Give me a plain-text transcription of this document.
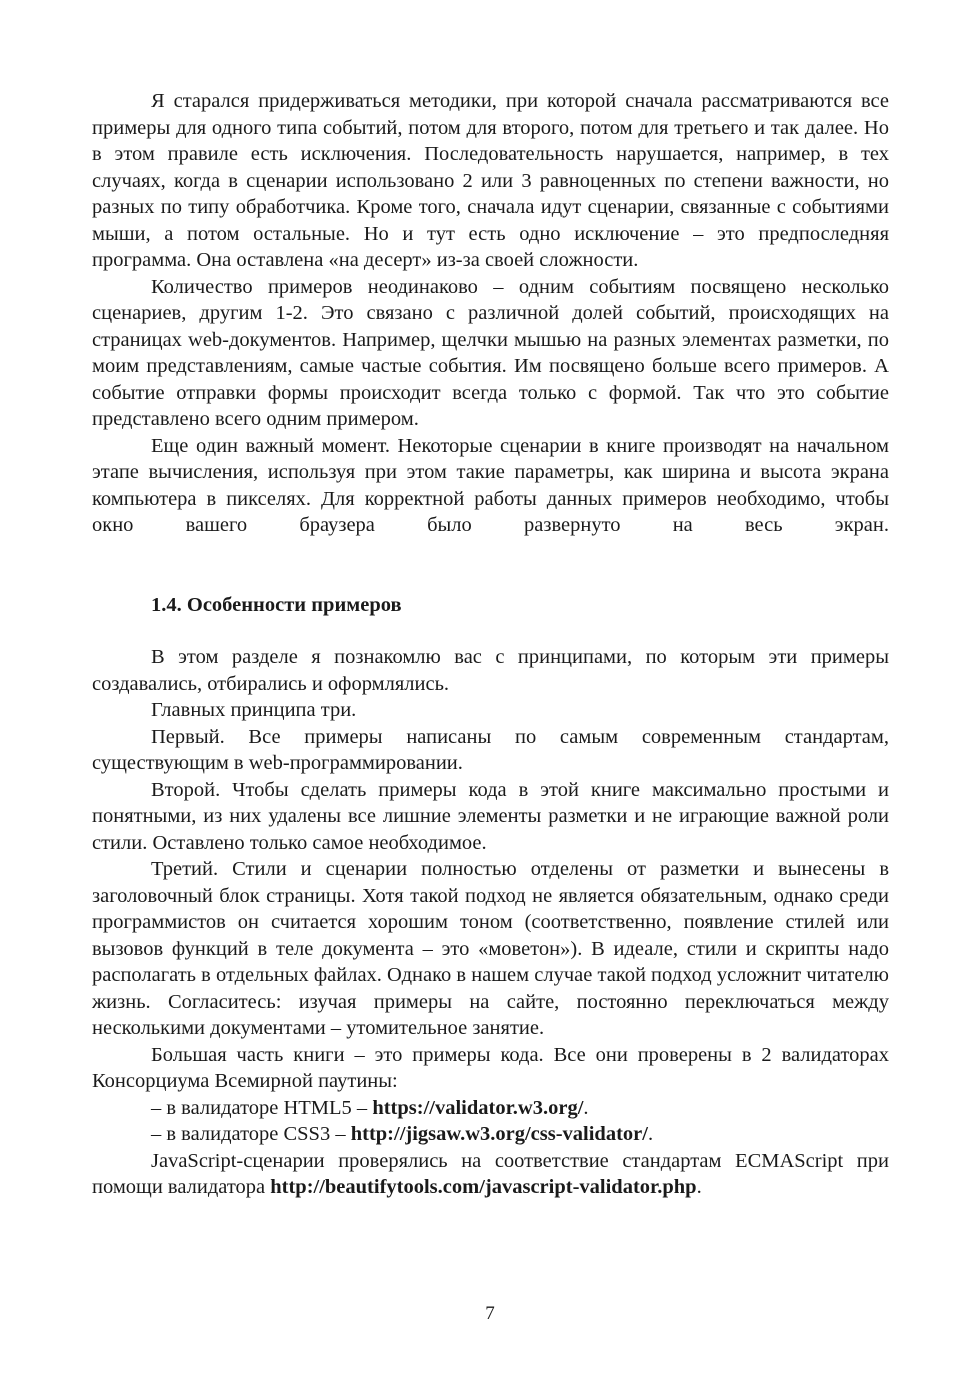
Я старался придерживаться методики, при которой сначала рассматриваются все примеры для одного типа событий, потом для второго, потом для третьего и так далее. Но в этом правиле есть исключения. Последовательность нарушается, например, в тех случаях, когда в сценарии использовано 2 или 3 равноценных по степени важности, но разных по типу обработчика. Кроме того, сначала идут сценарии, связанные с событиями мыши, а потом остальные. Но и тут есть одно исключение – это предпоследняя программа. Она оставлена «на десерт» из-за своей сложности.

Количество примеров неодинаково – одним событиям посвящено несколько сценариев, другим 1-2. Это связано с различной долей событий, происходящих на страницах web-документов. Например, щелчки мышью на разных элементах разметки, по моим представлениям, самые частые события. Им посвящено больше всего примеров. А событие отправки формы происходит всегда только с формой. Так что это событие представлено всего одним примером.

Еще один важный момент. Некоторые сценарии в книге производят на начальном этапе вычисления, используя при этом такие параметры, как ширина и высота экрана компьютера в пикселях. Для корректной работы данных примеров необходимо, чтобы окно вашего браузера было развернуто на весь экран.

1.4. Особенности примеров

В этом разделе я познакомлю вас с принципами, по которым эти примеры создавались, отбирались и оформлялись.

Главных принципа три.

Первый. Все примеры написаны по самым современным стандартам, существующим в web-программировании.

Второй. Чтобы сделать примеры кода в этой книге максимально простыми и понятными, из них удалены все лишние элементы разметки и не играющие важной роли стили. Оставлено только самое необходимое.

Третий. Стили и сценарии полностью отделены от разметки и вынесены в заголовочный блок страницы. Хотя такой подход не является обязательным, однако среди программистов он считается хорошим тоном (соответственно, появление стилей или вызовов функций в теле документа – это «моветон»). В идеале, стили и скрипты надо располагать в отдельных файлах. Однако в нашем случае такой подход усложнит читателю жизнь. Согласитесь: изучая примеры на сайте, постоянно переключаться между несколькими документами – утомительное занятие.

Большая часть книги – это примеры кода. Все они проверены в 2 валидаторах Консорциума Всемирной паутины:

– в валидаторе HTML5 – https://validator.w3.org/.

– в валидаторе CSS3 – http://jigsaw.w3.org/css-validator/.

JavaScript-сценарии проверялись на соответствие стандартам ECMAScript при помощи валидатора http://beautifytools.com/javascript-validator.php.

7
